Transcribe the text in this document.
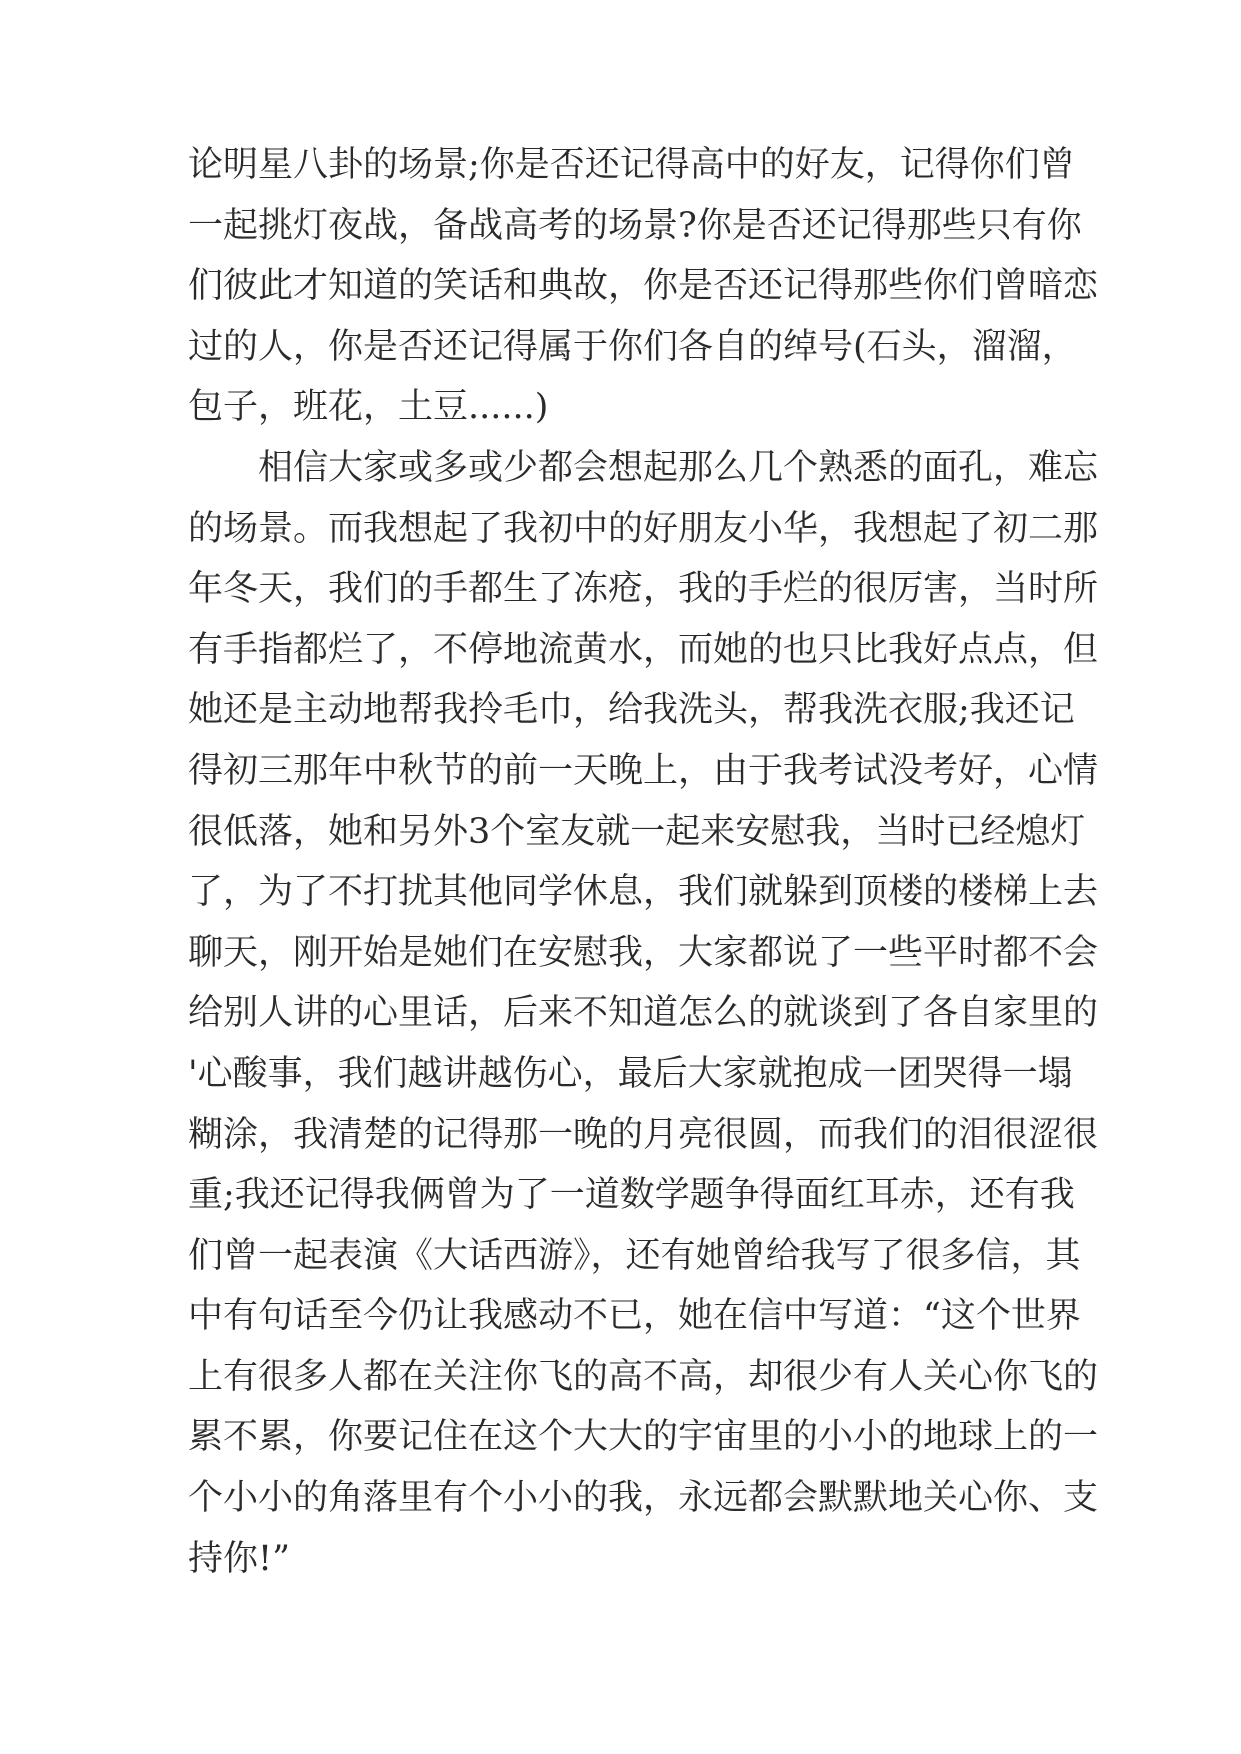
论明星八卦的场景;你是否还记得高中的好友，记得你们曾
一起挑灯夜战，备战高考的场景?你是否还记得那些只有你
们彼此才知道的笑话和典故，你是否还记得那些你们曾暗恋
过的人，你是否还记得属于你们各自的绰号(石头，溜溜，
包子，班花，土豆......)
相信大家或多或少都会想起那么几个熟悉的面孔，难忘
的场景。而我想起了我初中的好朋友小华，我想起了初二那
年冬天，我们的手都生了冻疮，我的手烂的很厉害，当时所
有手指都烂了，不停地流黄水，而她的也只比我好点点，但
她还是主动地帮我拎毛巾，给我洗头，帮我洗衣服;我还记
得初三那年中秋节的前一天晚上，由于我考试没考好，心情
很低落，她和另外3个室友就一起来安慰我，当时已经熄灯
了，为了不打扰其他同学休息，我们就躲到顶楼的楼梯上去
聊天，刚开始是她们在安慰我，大家都说了一些平时都不会
给别人讲的心里话，后来不知道怎么的就谈到了各自家里的
'心酸事，我们越讲越伤心，最后大家就抱成一团哭得一塌
糊涂，我清楚的记得那一晚的月亮很圆，而我们的泪很涩很
重;我还记得我俩曾为了一道数学题争得面红耳赤，还有我
们曾一起表演《大话西游》，还有她曾给我写了很多信，其
中有句话至今仍让我感动不已，她在信中写道：“这个世界
上有很多人都在关注你飞的高不高，却很少有人关心你飞的
累不累，你要记住在这个大大的宇宙里的小小的地球上的一
个小小的角落里有个小小的我，永远都会默默地关心你、支
持你!”
